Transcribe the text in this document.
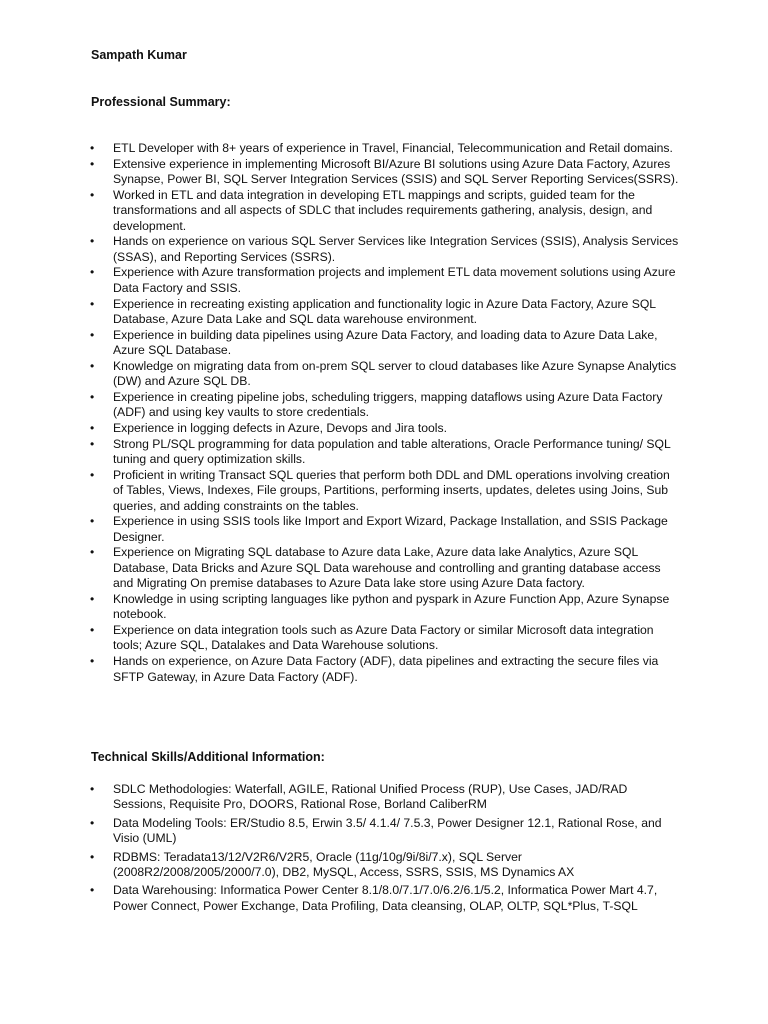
Sampath Kumar
Professional Summary:
• ETL Developer with 8+ years of experience in Travel, Financial, Telecommunication and Retail domains.
• Extensive experience in implementing Microsoft BI/Azure BI solutions using Azure Data Factory, Azures Synapse, Power BI, SQL Server Integration Services (SSIS) and SQL Server Reporting Services(SSRS).
• Worked in ETL and data integration in developing ETL mappings and scripts, guided team for the transformations and all aspects of SDLC that includes requirements gathering, analysis, design, and development.
• Hands on experience on various SQL Server Services like Integration Services (SSIS), Analysis Services (SSAS), and Reporting Services (SSRS).
• Experience with Azure transformation projects and implement ETL data movement solutions using Azure Data Factory and SSIS.
• Experience in recreating existing application and functionality logic in Azure Data Factory, Azure SQL Database, Azure Data Lake and SQL data warehouse environment.
• Experience in building data pipelines using Azure Data Factory, and loading data to Azure Data Lake, Azure SQL Database.
• Knowledge on migrating data from on-prem SQL server to cloud databases like Azure Synapse Analytics (DW) and Azure SQL DB.
• Experience in creating pipeline jobs, scheduling triggers, mapping dataflows using Azure Data Factory (ADF) and using key vaults to store credentials.
• Experience in logging defects in Azure, Devops and Jira tools.
• Strong PL/SQL programming for data population and table alterations, Oracle Performance tuning/ SQL tuning and query optimization skills.
• Proficient in writing Transact SQL queries that perform both DDL and DML operations involving creation of Tables, Views, Indexes, File groups, Partitions, performing inserts, updates, deletes using Joins, Sub queries, and adding constraints on the tables.
• Experience in using SSIS tools like Import and Export Wizard, Package Installation, and SSIS Package Designer.
• Experience on Migrating SQL database to Azure data Lake, Azure data lake Analytics, Azure SQL Database, Data Bricks and Azure SQL Data warehouse and controlling and granting database access and Migrating On premise databases to Azure Data lake store using Azure Data factory.
• Knowledge in using scripting languages like python and pyspark in Azure Function App, Azure Synapse notebook.
• Experience on data integration tools such as Azure Data Factory or similar Microsoft data integration tools; Azure SQL, Datalakes and Data Warehouse solutions.
• Hands on experience, on Azure Data Factory (ADF), data pipelines and extracting the secure files via SFTP Gateway, in Azure Data Factory (ADF).
Technical Skills/Additional Information:
• SDLC Methodologies: Waterfall, AGILE, Rational Unified Process (RUP), Use Cases, JAD/RAD Sessions, Requisite Pro, DOORS, Rational Rose, Borland CaliberRM
• Data Modeling Tools: ER/Studio 8.5, Erwin 3.5/ 4.1.4/ 7.5.3, Power Designer 12.1, Rational Rose, and Visio (UML)
• RDBMS: Teradata13/12/V2R6/V2R5, Oracle (11g/10g/9i/8i/7.x), SQL Server (2008R2/2008/2005/2000/7.0), DB2, MySQL, Access, SSRS, SSIS, MS Dynamics AX
• Data Warehousing: Informatica Power Center 8.1/8.0/7.1/7.0/6.2/6.1/5.2, Informatica Power Mart 4.7, Power Connect, Power Exchange, Data Profiling, Data cleansing, OLAP, OLTP, SQL*Plus, T-SQL
